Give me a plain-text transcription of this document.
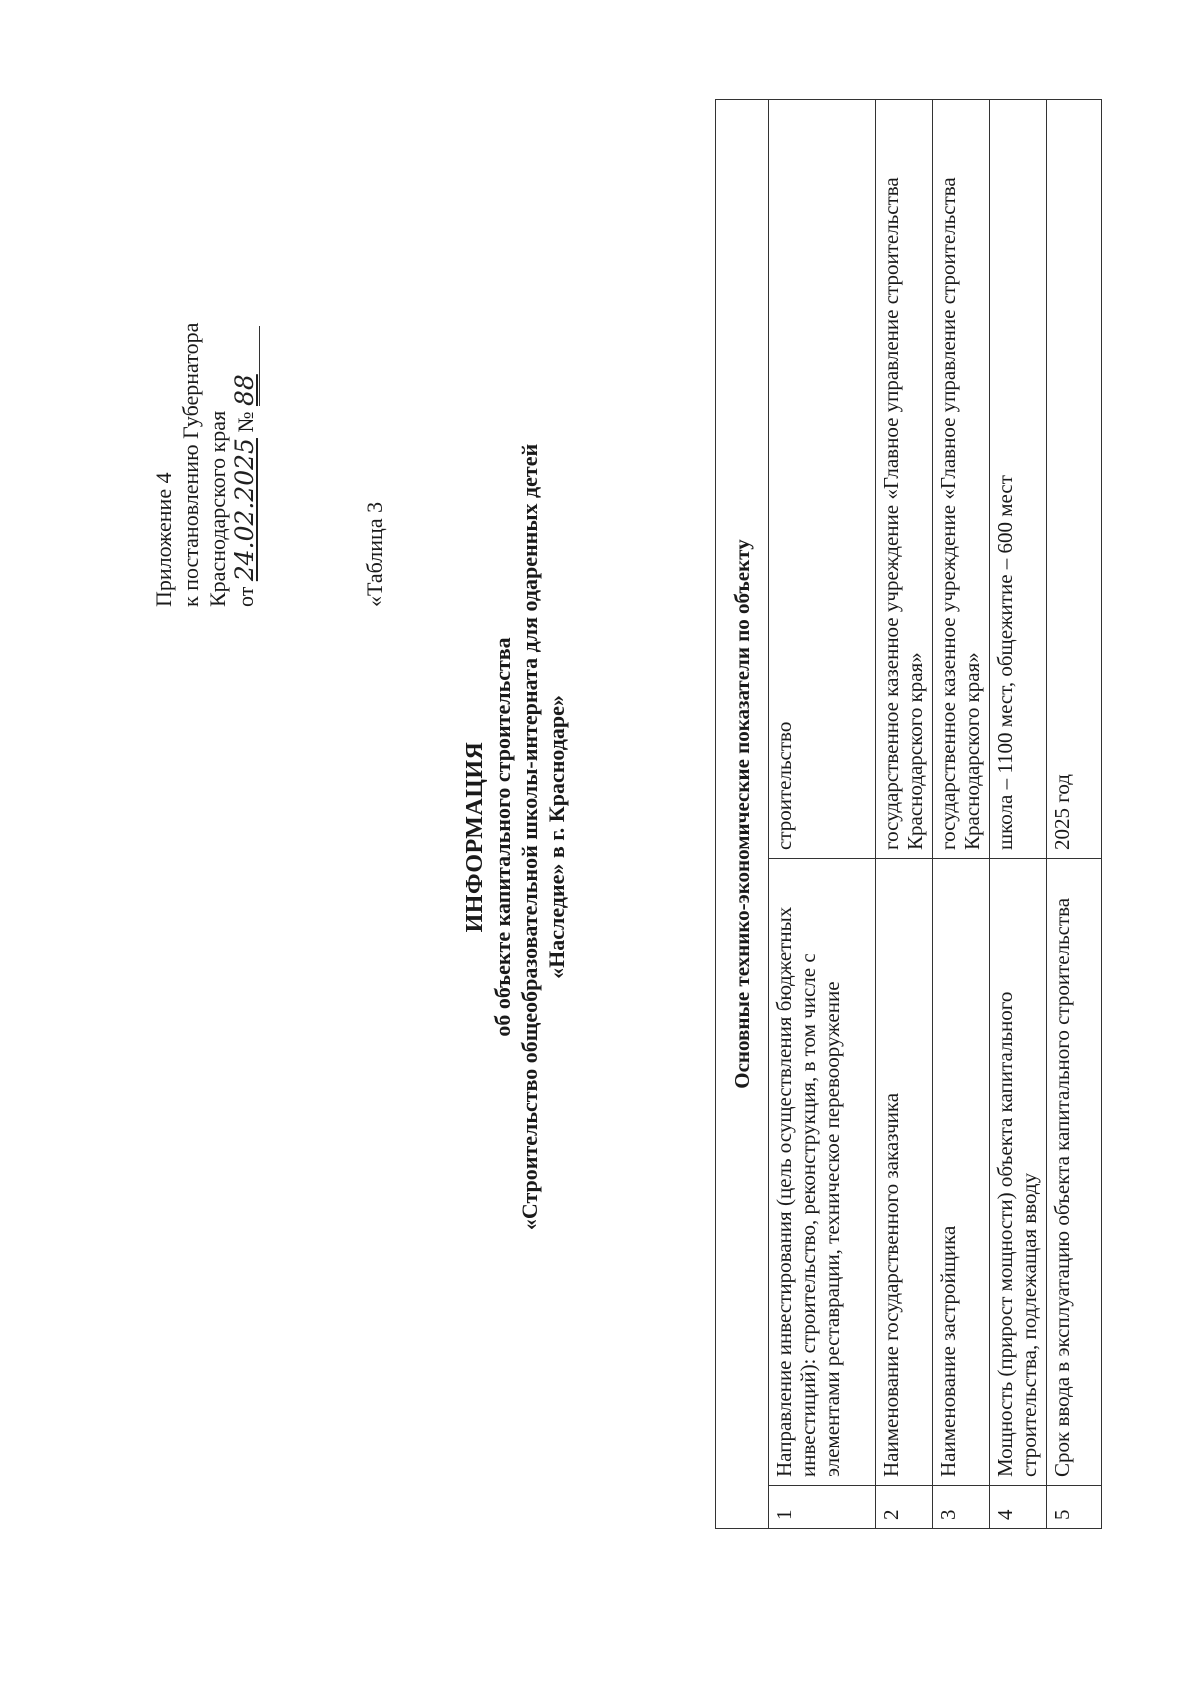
Приложение 4 к постановлению Губернатора Краснодарского края от 24.02.2025 № 88
«Таблица 3
ИНФОРМАЦИЯ об объекте капитального строительства «Строительство общеобразовательной школы-интерната для одаренных детей «Наследие» в г. Краснодаре»	Основные технико-экономические показатели по объекту		
1	Направление инвестирования (цель осуществления бюджетных инвестиций): строительство, реконструкция, в том числе с элементами реставрации, техническое перевооружение	строительство
2	Наименование государственного заказчика	государственное казенное учреждение «Главное управление строительства Краснодарского края»
3	Наименование застройщика	государственное казенное учреждение «Главное управление строительства Краснодарского края»
4	Мощность (прирост мощности) объекта капитального строительства, подлежащая вводу	школа – 1100 мест, общежитие – 600 мест
5	Срок ввода в эксплуатацию объекта капитального строительства	2025 год
